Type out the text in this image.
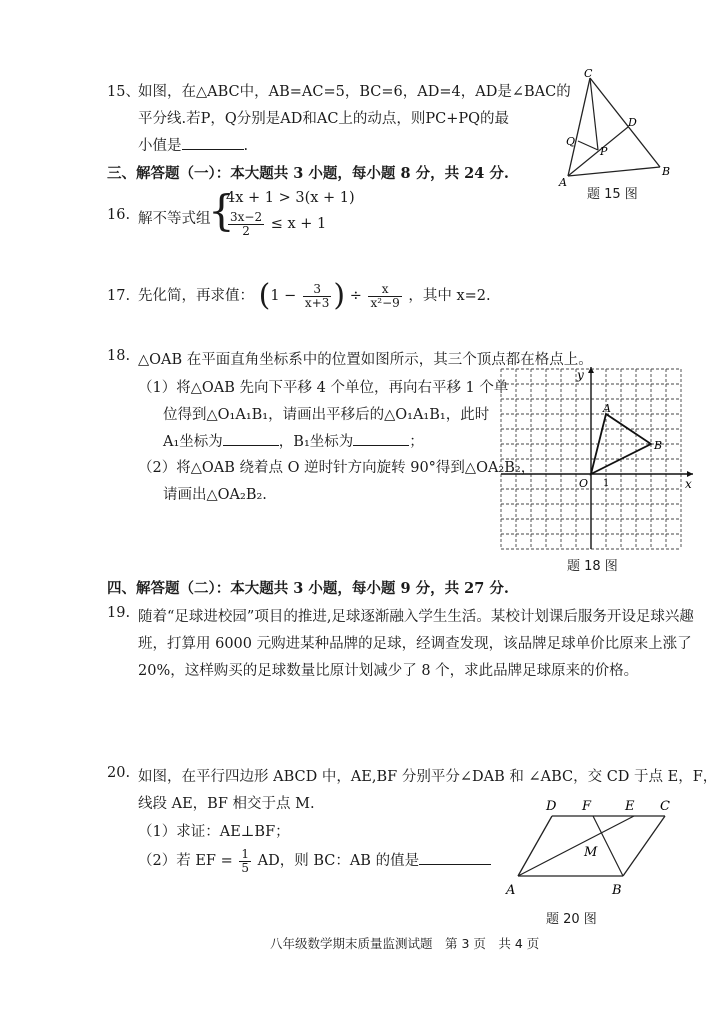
15、
如图，在△ABC中，AB=AC=5，BC=6，AD=4，AD是∠BAC的
平分线.若P，Q分别是AD和AC上的动点，则PC+PQ的最
小值是	.
C
A
B
D
P
Q
题 15 图
三、解答题（一）：本大题共 3 小题，每小题 8 分，共 24 分.
16. 解不等式组
{
4x + 1 > 3(x + 1)
$\frac{3x-2}{2} \le x + 1$
17. 先化简，再求值： ($1 - \frac{3}{x+3}$ ) ÷ $\frac{x}{\text{x²−9}}$ ，其中 x=2.
18. △OAB 在平面直角坐标系中的位置如图所示，其三个顶点都在格点上。
（1）将△OAB 先向下平移 4 个单位，再向右平移 1 个单
位得到△O₁A₁B₁，请画出平移后的△O₁A₁B₁，此时
A₁坐标为	，B₁坐标为	；
（2）将△OAB 绕着点 O 逆时针方向旋转 90°得到△OA₂B₂，
请画出△OA₂B₂.
y
x
O 1
A
B
题 18 图
四、解答题（二）：本大题共 3 小题，每小题 9 分，共 27 分.
19. 随着“足球进校园”项目的推进,足球逐渐融入学生生活。某校计划课后服务开设足球兴趣
班，打算用 6000 元购进某种品牌的足球，经调查发现，该品牌足球单价比原来上涨了
20%，这样购买的足球数量比原计划减少了 8 个，求此品牌足球原来的价格。
20. 如图，在平行四边形 ABCD 中，AE,BF 分别平分∠DAB 和 ∠ABC，交 CD 于点 E，F，
线段 AE，BF 相交于点 M.
（1）求证：AE⊥BF；
（2）若 EF = $\frac{1}{5}$ AD，则 BC：AB 的值是
D F	E C
M
A	B
题 20 图
八年级数学期末质量监测试题　第 3 页　共 4 页
